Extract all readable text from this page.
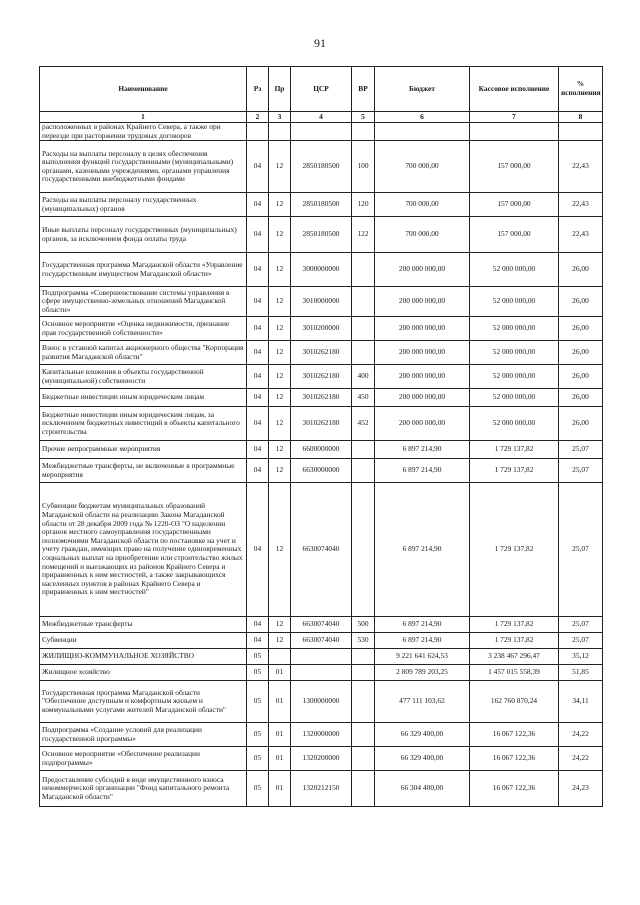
91
Наименование	Рз	Пр	ЦСР	ВР	Бюджет	Кассовое исполнение	% исполнения
1	2	3	4	5	6	7	8
расположенных в районах Крайнего Севера, а также при переезде при расторжении трудовых договоров							
Расходы на выплаты персоналу в целях обеспечения выполнения функций государственными (муниципальными) органами, казенными учреждениями, органами управления государственными внебюджетными фондами	04	12	2850180500	100	700 000,00	157 000,00	22,43
Расходы на выплаты персоналу государственных (муниципальных) органов	04	12	2850180500	120	700 000,00	157 000,00	22,43
Иные выплаты персоналу государственных (муниципальных) органов, за исключением фонда оплаты труда	04	12	2850180500	122	700 000,00	157 000,00	22,43
Государственная программа Магаданской области «Управление государственным имуществом Магаданской области»	04	12	3000000000		200 000 000,00	52 000 000,00	26,00
Подпрограмма «Совершенствование системы управления в сфере имущественно-земельных отношений Магаданской области»	04	12	3010000000		200 000 000,00	52 000 000,00	26,00
Основное мероприятие «Оценка недвижимости, признание прав государственной собственности»	04	12	3010200000		200 000 000,00	52 000 000,00	26,00
Взнос в уставной капитал акционерного общества "Корпорация развития Магаданской области"	04	12	3010262180		200 000 000,00	52 000 000,00	26,00
Капитальные вложения в объекты государственной (муниципальной) собственности	04	12	3010262180	400	200 000 000,00	52 000 000,00	26,00
Бюджетные инвестиции иным юридическим лицам	04	12	3010262180	450	200 000 000,00	52 000 000,00	26,00
Бюджетные инвестиции иным юридическим лицам, за исключением бюджетных инвестиций в объекты капитального строительства	04	12	3010262180	452	200 000 000,00	52 000 000,00	26,00
Прочие непрограммные мероприятия	04	12	6600000000		6 897 214,90	1 729 137,82	25,07
Межбюджетные трансферты, не включенные в программные мероприятия	04	12	6630000000		6 897 214,90	1 729 137,82	25,07
Субвенции бюджетам муниципальных образований Магаданской области на реализацию Закона Магаданской области от 28 декабря 2009 года № 1220-ОЗ "О наделении органов местного самоуправления государственными полномочиями Магаданской области по постановке на учет и учету граждан, имеющих право на получение единовременных социальных выплат на приобретение или строительство жилых помещений и выезжающих из районов Крайнего Севера и приравненных к ним местностей, а также закрывающихся населенных пунктов в районах Крайнего Севера и приравненных к ним местностей"	04	12	6630074040		6 897 214,90	1 729 137,82	25,07
Межбюджетные трансферты	04	12	6630074040	500	6 897 214,90	1 729 137,82	25,07
Субвенции	04	12	6630074040	530	6 897 214,90	1 729 137,82	25,07
ЖИЛИЩНО-КОММУНАЛЬНОЕ ХОЗЯЙСТВО	05				9 221 641 624,53	3 238 467 296,47	35,12
Жилищное хозяйство	05	01			2 809 789 203,25	1 457 015 558,39	51,85
Государственная программа Магаданской области "Обеспечение доступным и комфортным жильем и коммунальными услугами жителей Магаданской области"	05	01	1300000000		477 111 103,62	162 760 870,24	34,11
Подпрограмма «Создание условий для реализации государственной программы»	05	01	1320000000		66 329 400,00	16 067 122,36	24,22
Основное мероприятие «Обеспечение реализации подпрограммы»	05	01	1320200000		66 329 400,00	16 067 122,36	24,22
Предоставление субсидий в виде имущественного взноса некоммерческой организации "Фонд капитального ремонта Магаданской области"	05	01	1320212150		66 304 400,00	16 067 122,36	24,23
